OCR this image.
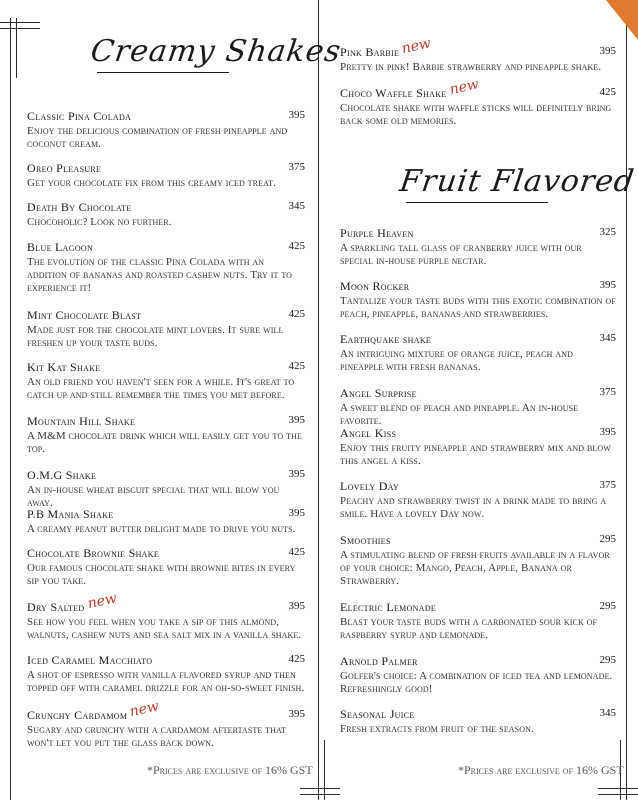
Creamy Shakes
Classic Pina Colada	395
Enjoy the delicious combination of fresh pineapple and coconut cream.
Oreo Pleasure	375
Get your chocolate fix from this creamy iced treat.
Death By Chocolate	345
Chocoholic? Look no further.
Blue Lagoon	425
The evolution of the classic Pina Colada with an addition of bananas and roasted cashew nuts. Try it to experience it!
Mint Chocolate Blast	425
Made just for the chocolate mint lovers. It sure will freshen up your taste buds.
Kit Kat Shake	425
An old friend you haven't seen for a while. It's great to catch up and still remember the times you met before.
Mountain Hill Shake	395
A M&M chocolate drink which will easily get you to the top.
O.M.G Shake	395
An in-house wheat biscuit special that will blow you away.
P.B Mania Shake	395
A creamy peanut butter delight made to drive you nuts.
Chocolate Brownie Shake	425
Our famous chocolate shake with brownie bites in every sip you take.
Dry Saltednew	395
See how you feel when you take a sip of this almond, walnuts, cashew nuts and sea salt mix in a vanilla shake.
Iced Caramel Macchiato	425
A shot of espresso with vanilla flavored syrup and then topped off with caramel drizzle for an oh-so-sweet finish.
Crunchy Cardamomnew	395
Sugary and crunchy with a cardamom aftertaste that won't let you put the glass back down.
*Prices are exclusive of 16% GST
Pink Barbienew	395
Pretty in pink! Barbie strawberry and pineapple shake.
Choco Waffle Shakenew	425
Chocolate shake with waffle sticks will definitely bring back some old memories.
Fruit Flavored
Purple Heaven	325
A sparkling tall glass of cranberry juice with our special in-house purple nectar.
Moon Rocker	395
Tantalize your taste buds with this exotic combination of peach, pineapple, bananas and strawberries.
Earthquake shake	345
An intriguing mixture of orange juice, peach and pineapple with fresh bananas.
Angel Surprise	375
A sweet blend of peach and pineapple. An in-house favorite.
Angel Kiss	395
Enjoy this fruity pineapple and strawberry mix and blow this angel a kiss.
Lovely Day	375
Peachy and strawberry twist in a drink made to bring a smile. Have a lovely Day now.
Smoothies	295
A stimulating blend of fresh fruits available in a flavor of your choice: Mango, Peach, Apple, Banana or Strawberry.
Electric Lemonade	295
Blast your taste buds with a carbonated sour kick of raspberry syrup and lemonade.
Arnold Palmer	295
Golfer's choice: A combination of iced tea and lemonade. Refreshingly good!
Seasonal Juice	345
Fresh extracts from fruit of the season.
*Prices are exclusive of 16% GST
